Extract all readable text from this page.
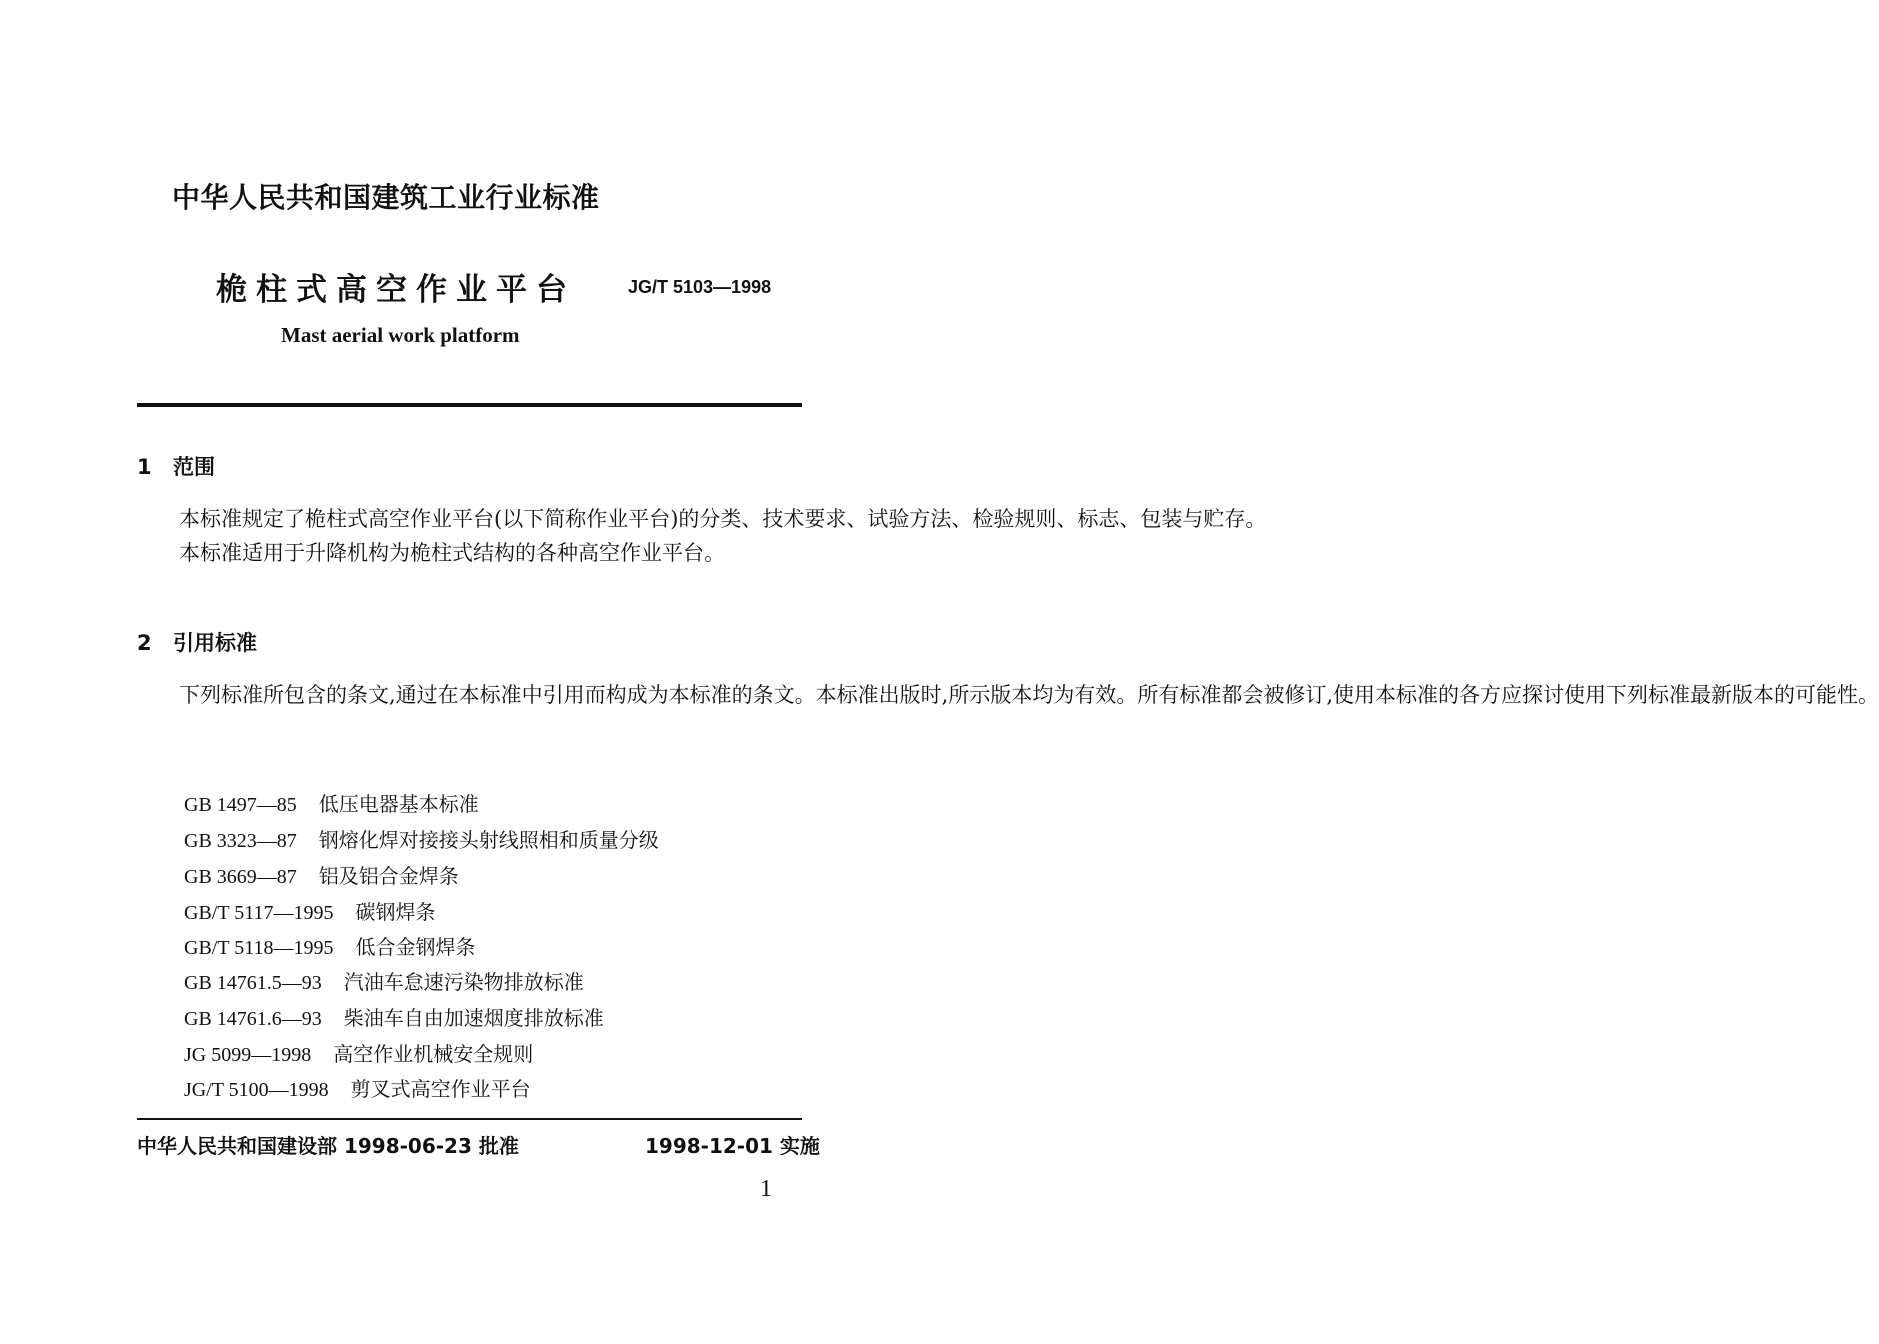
中华人民共和国建筑工业行业标准
桅柱式高空作业平台	JG/T 5103—1998
Mast aerial work platform
1 范围

本标准规定了桅柱式高空作业平台(以下简称作业平台)的分类、技术要求、试验方法、检验规则、标志、包装与贮存。

本标准适用于升降机构为桅柱式结构的各种高空作业平台。

2 引用标准

下列标准所包含的条文,通过在本标准中引用而构成为本标准的条文。本标准出版时,所示版本均为有效。所有标准都会被修订,使用本标准的各方应探讨使用下列标准最新版本的可能性。

GB 1497—85 低压电器基本标准
GB 3323—87 钢熔化焊对接接头射线照相和质量分级
GB 3669—87 铝及铝合金焊条
GB/T 5117—1995 碳钢焊条
GB/T 5118—1995 低合金钢焊条
GB 14761.5—93 汽油车怠速污染物排放标准
GB 14761.6—93 柴油车自由加速烟度排放标准
JG 5099—1998 高空作业机械安全规则
JG/T 5100—1998 剪叉式高空作业平台
中华人民共和国建设部 1998-06-23 批准	1998-12-01 实施
1
